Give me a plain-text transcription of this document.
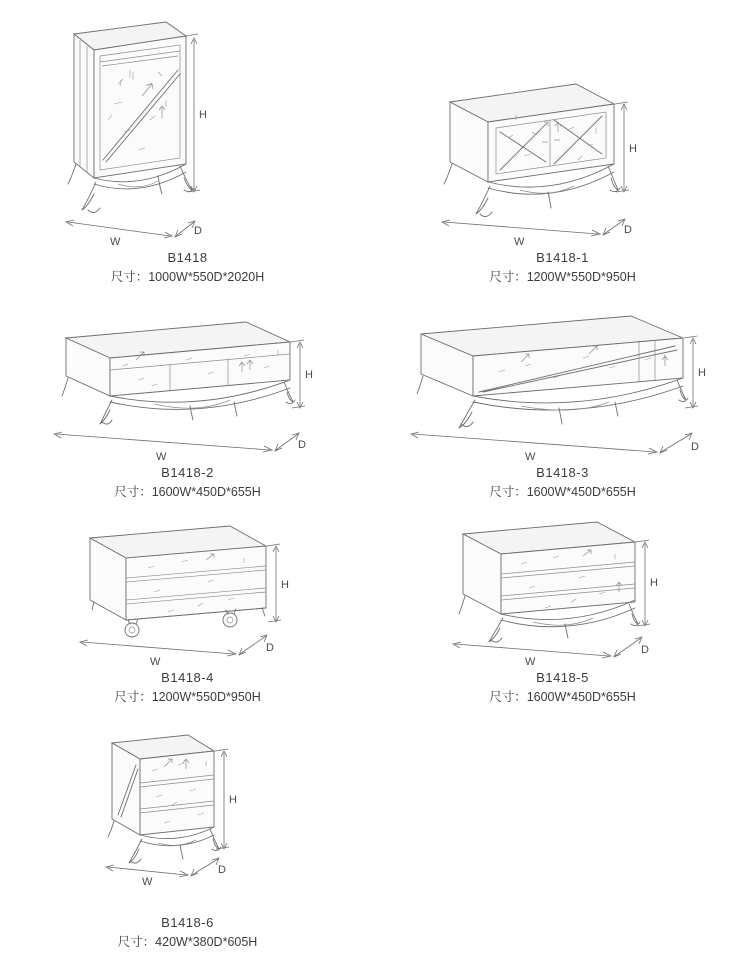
H
W
D
B1418
尺寸：1000W*550D*2020H
H
W
D
B1418-1
尺寸：1200W*550D*950H
H
W
D
B1418-2
尺寸：1600W*450D*655H
H
W
D
B1418-3
尺寸：1600W*450D*655H
H
W
D
B1418-4
尺寸：1200W*550D*950H
H
W
D
B1418-5
尺寸：1600W*450D*655H
H
W
D
B1418-6
尺寸：420W*380D*605H
